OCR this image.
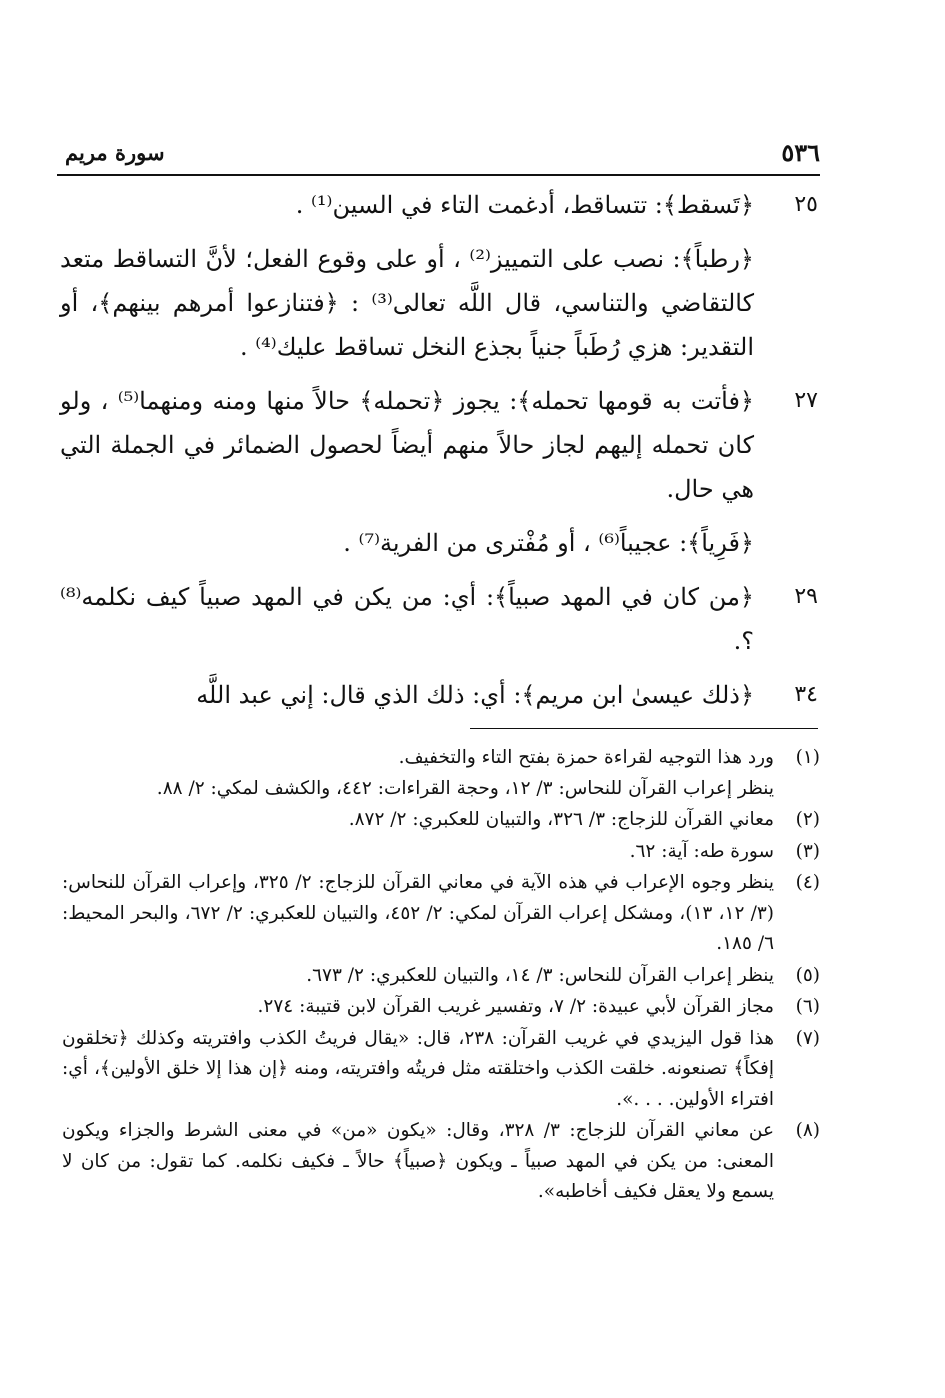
٥٣٦
سورة مريم
٢٥

﴿تَسقط﴾: تتساقط، أدغمت التاء في السين⁽¹⁾ .

﴿رطباً﴾: نصب على التمييز⁽²⁾ ، أو على وقوع الفعل؛ لأنَّ التساقط متعد كالتقاضي والتناسي، قال اللَّه تعالى⁽³⁾ : ﴿فتنازعوا أمرهم بينهم﴾، أو التقدير: هزي رُطَباً جنياً بجذع النخل تساقط عليك⁽⁴⁾ .

٢٧

﴿فأتت به قومها تحمله﴾: يجوز ﴿تحمله﴾ حالاً منها ومنه ومنهما⁽⁵⁾ ، ولو كان تحمله إليهم لجاز حالاً منهم أيضاً لحصول الضمائر في الجملة التي هي حال.

﴿فَرِياً﴾: عجيباً⁽⁶⁾ ، أو مُفْترى من الفرية⁽⁷⁾ .

٢٩

﴿من كان في المهد صبياً﴾: أي: من يكن في المهد صبياً كيف نكلمه⁽⁸⁾ ؟.

٣٤

﴿ذلك عيسىٰ ابن مريم﴾: أي: ذلك الذي قال: إني عبد اللَّه

(١)
ورد هذا التوجيه لقراءة حمزة بفتح التاء والتخفيف.
ينظر إعراب القرآن للنحاس: ٣/ ١٢، وحجة القراءات: ٤٤٢، والكشف لمكي: ٢/ ٨٨.
(٢)
معاني القرآن للزجاج: ٣/ ٣٢٦، والتبيان للعكبري: ٢/ ٨٧٢.
(٣)
سورة طه: آية: ٦٢.
(٤)
ينظر وجوه الإعراب في هذه الآية في معاني القرآن للزجاج: ٢/ ٣٢٥، وإعراب القرآن للنحاس: (٣/ ١٢، ١٣)، ومشكل إعراب القرآن لمكي: ٢/ ٤٥٢، والتبيان للعكبري: ٢/ ٦٧٢، والبحر المحيط: ٦/ ١٨٥.
(٥)
ينظر إعراب القرآن للنحاس: ٣/ ١٤، والتبيان للعكبري: ٢/ ٦٧٣.
(٦)
مجاز القرآن لأبي عبيدة: ٢/ ٧، وتفسير غريب القرآن لابن قتيبة: ٢٧٤.
(٧)
هذا قول اليزيدي في غريب القرآن: ٢٣٨، قال: «يقال فريتُ الكذب وافتريته وكذلك ﴿تخلقون إفكاً﴾ تصنعونه. خلقت الكذب واختلقته مثل فريتُه وافتريته، ومنه ﴿إن هذا إلا خلق الأولين﴾، أي: افتراء الأولين. . . .».
(٨)
عن معاني القرآن للزجاج: ٣/ ٣٢٨، وقال: «يكون «من» في معنى الشرط والجزاء ويكون المعنى: من يكن في المهد صبياً ـ ويكون ﴿صبياً﴾ حالاً ـ فكيف نكلمه. كما تقول: من كان لا يسمع ولا يعقل فكيف أخاطبه».
